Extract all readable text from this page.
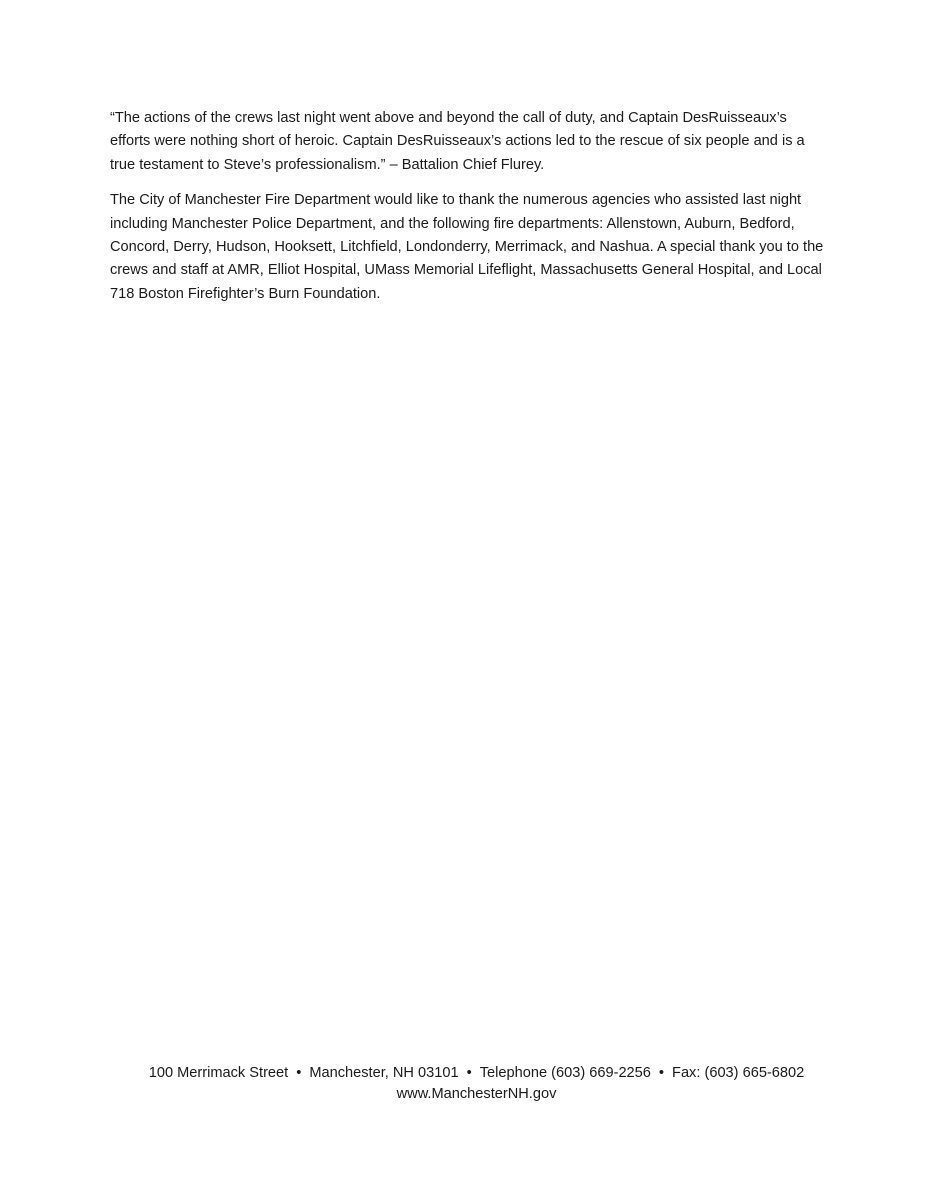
“The actions of the crews last night went above and beyond the call of duty, and Captain DesRuisseaux’s efforts were nothing short of heroic. Captain DesRuisseaux’s actions led to the rescue of six people and is a true testament to Steve’s professionalism.” – Battalion Chief Flurey.

The City of Manchester Fire Department would like to thank the numerous agencies who assisted last night including Manchester Police Department, and the following fire departments: Allenstown, Auburn, Bedford, Concord, Derry, Hudson, Hooksett, Litchfield, Londonderry, Merrimack, and Nashua. A special thank you to the crews and staff at AMR, Elliot Hospital, UMass Memorial Lifeflight, Massachusetts General Hospital, and Local 718 Boston Firefighter’s Burn Foundation.

100 Merrimack Street • Manchester, NH 03101 • Telephone (603) 669-2256 • Fax: (603) 665-6802
www.ManchesterNH.gov
